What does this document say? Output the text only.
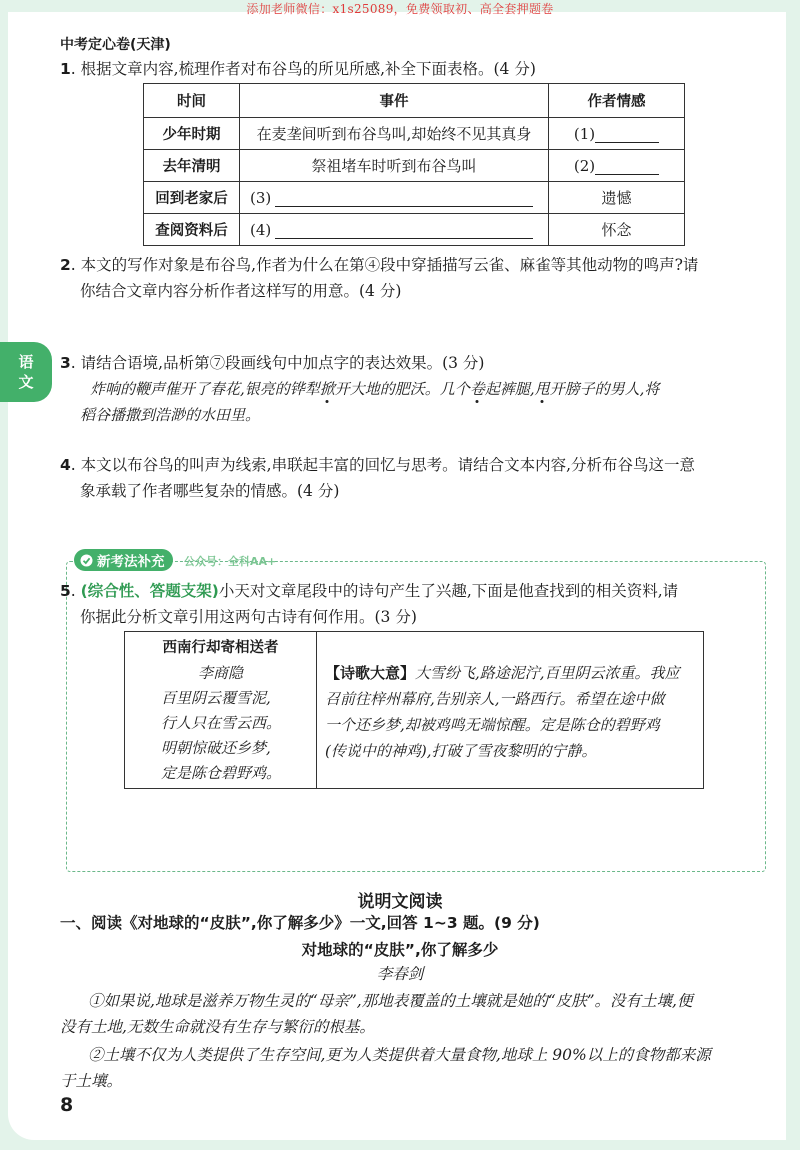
添加老师微信：x1s25089，免费领取初、高全套押题卷
中考定心卷(天津)
语
文
1. 根据文章内容,梳理作者对布谷鸟的所见所感,补全下面表格。(4 分)
时间	事件	作者情感
少年时期	在麦垄间听到布谷鸟叫,却始终不见其真身	(1)
去年清明	祭祖堵车时听到布谷鸟叫	(2)
回到老家后	(3)	遗憾
查阅资料后	(4)	怀念
2. 本文的写作对象是布谷鸟,作者为什么在第④段中穿插描写云雀、麻雀等其他动物的鸣声?请
你结合文章内容分析作者这样写的用意。(4 分)
3. 请结合语境,品析第⑦段画线句中加点字的表达效果。(3 分)
炸响的鞭声催开了春花,银亮的铧犁掀开大地的肥沃。几个卷起裤腿,甩开膀子的男人,将
稻谷播撒到浩渺的水田里。
4. 本文以布谷鸟的叫声为线索,串联起丰富的回忆与思考。请结合文本内容,分析布谷鸟这一意
象承载了作者哪些复杂的情感。(4 分)
新考法补充 公众号：全科AA+
5. (综合性、答题支架)小天对文章尾段中的诗句产生了兴趣,下面是他查找到的相关资料,请
你据此分析文章引用这两句古诗有何作用。(3 分)
西南行却寄相送者
李商隐
百里阴云覆雪泥,
行人只在雪云西。
明朝惊破还乡梦,
定是陈仓碧野鸡。
【诗歌大意】大雪纷飞,路途泥泞,百里阴云浓重。我应
召前往梓州幕府,告别亲人,一路西行。希望在途中做
一个还乡梦,却被鸡鸣无端惊醒。定是陈仓的碧野鸡
(传说中的神鸡),打破了雪夜黎明的宁静。
说明文阅读
一、阅读《对地球的“皮肤”,你了解多少》一文,回答 1~3 题。(9 分)
对地球的“皮肤”,你了解多少
李春剑
①如果说,地球是滋养万物生灵的“母亲”,那地表覆盖的土壤就是她的“皮肤”。没有土壤,便
没有土地,无数生命就没有生存与繁衍的根基。
②土壤不仅为人类提供了生存空间,更为人类提供着大量食物,地球上 90%以上的食物都来源
于土壤。
8
